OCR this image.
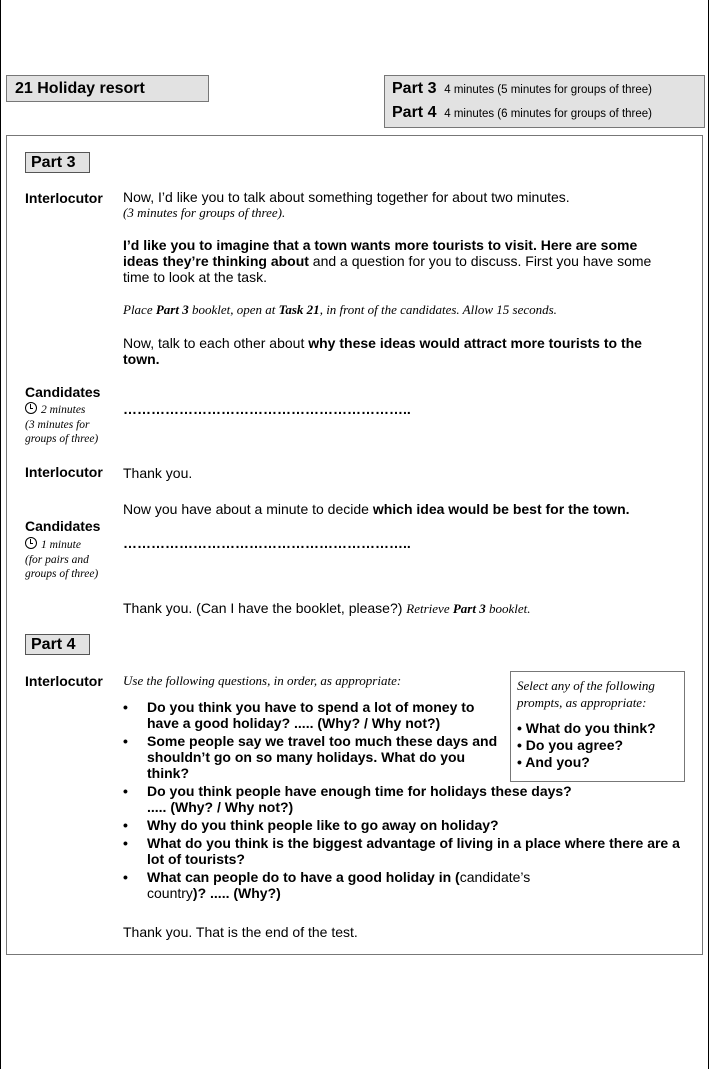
21 Holiday resort	Part 3 4 minutes (5 minutes for groups of three)
Part 4 4 minutes (6 minutes for groups of three)
Part 3
Interlocutor Now, I’d like you to talk about something together for about two minutes.
(3 minutes for groups of three).
I’d like you to imagine that a town wants more tourists to visit. Here are some ideas they’re thinking about and a question for you to discuss. First you have some time to look at the task.
Place Part 3 booklet, open at Task 21, in front of the candidates. Allow 15 seconds.
Now, talk to each other about why these ideas would attract more tourists to the town.
Candidates
2 minutes
(3 minutes for groups of three)
……………………………………………………..
Interlocutor Thank you.
Now you have about a minute to decide which idea would be best for the town.
Candidates
1 minute
(for pairs and groups of three)
……………………………………………………..
Thank you. (Can I have the booklet, please?) Retrieve Part 3 booklet.
Part 4
Interlocutor Use the following questions, in order, as appropriate:
• Do you think you have to spend a lot of money to have a good holiday? ..... (Why? / Why not?)
• Some people say we travel too much these days and shouldn’t go on so many holidays. What do you think?
• Do you think people have enough time for holidays these days? ..... (Why? / Why not?)
• Why do you think people like to go away on holiday?
• What do you think is the biggest advantage of living in a place where there are a lot of tourists?
• What can people do to have a good holiday in (candidate’s country)? ..... (Why?)
Select any of the following prompts, as appropriate:
• What do you think?
• Do you agree?
• And you?
Thank you. That is the end of the test.
